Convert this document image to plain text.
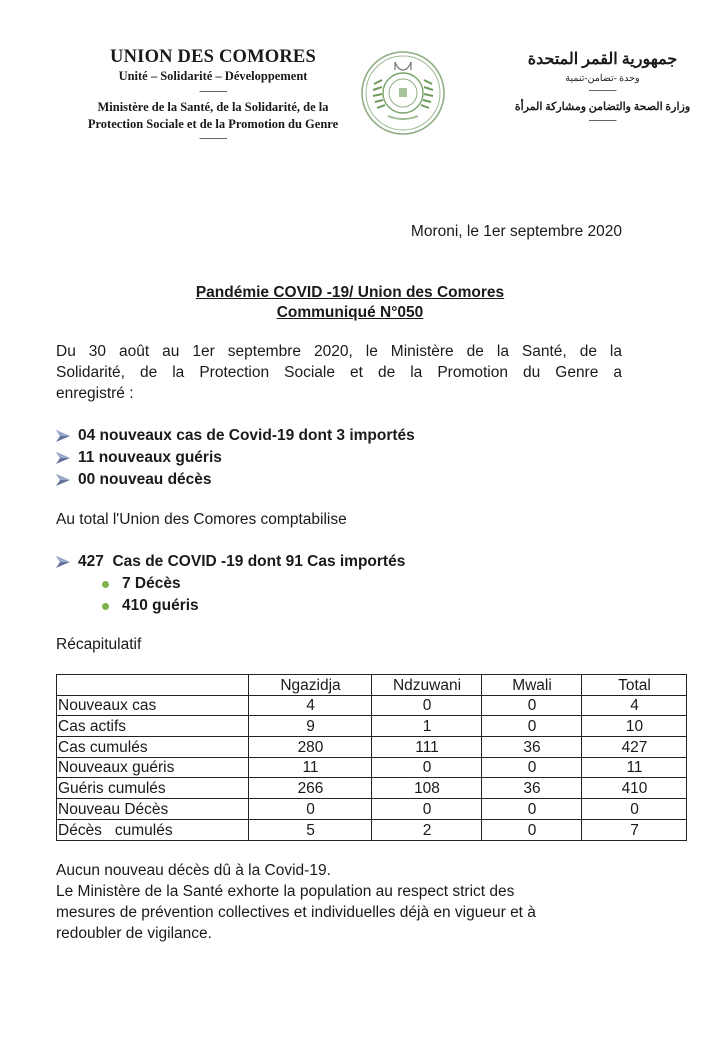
UNION DES COMORES
Unité – Solidarité – Développement
-----------
Ministère de la Santé, de la Solidarité, de la
Protection Sociale et de la Promotion du Genre
-----------
جمهورية القمر المتحدة
وحدة -تضامن-تنمية
-----------
وزارة الصحة والتضامن ومشاركة المرأة
-----------
Moroni, le 1er septembre 2020
Pandémie COVID -19/ Union des Comores
Communiqué N°050
Du 30 août au 1er septembre 2020, le Ministère de la Santé, de la
Solidarité, de la Protection Sociale et de la Promotion du Genre a
enregistré :
04 nouveaux cas de Covid-19 dont 3 importés
11 nouveaux guéris
00 nouveau décès
Au total l'Union des Comores comptabilise
427  Cas de COVID -19 dont 91 Cas importés
7 Décès
410 guéris
Récapitulatif
	Ngazidja	Ndzuwani	Mwali	Total
Nouveaux cas	4	0	0	4
Cas actifs	9	1	0	10
Cas cumulés	280	111	36	427
Nouveaux guéris	11	0	0	11
Guéris cumulés	266	108	36	410
Nouveau Décès	0	0	0	0
Décès   cumulés	5	2	0	7
Aucun nouveau décès dû à la Covid-19.
Le Ministère de la Santé exhorte la population au respect strict des
mesures de prévention collectives et individuelles déjà en vigueur et à
redoubler de vigilance.
